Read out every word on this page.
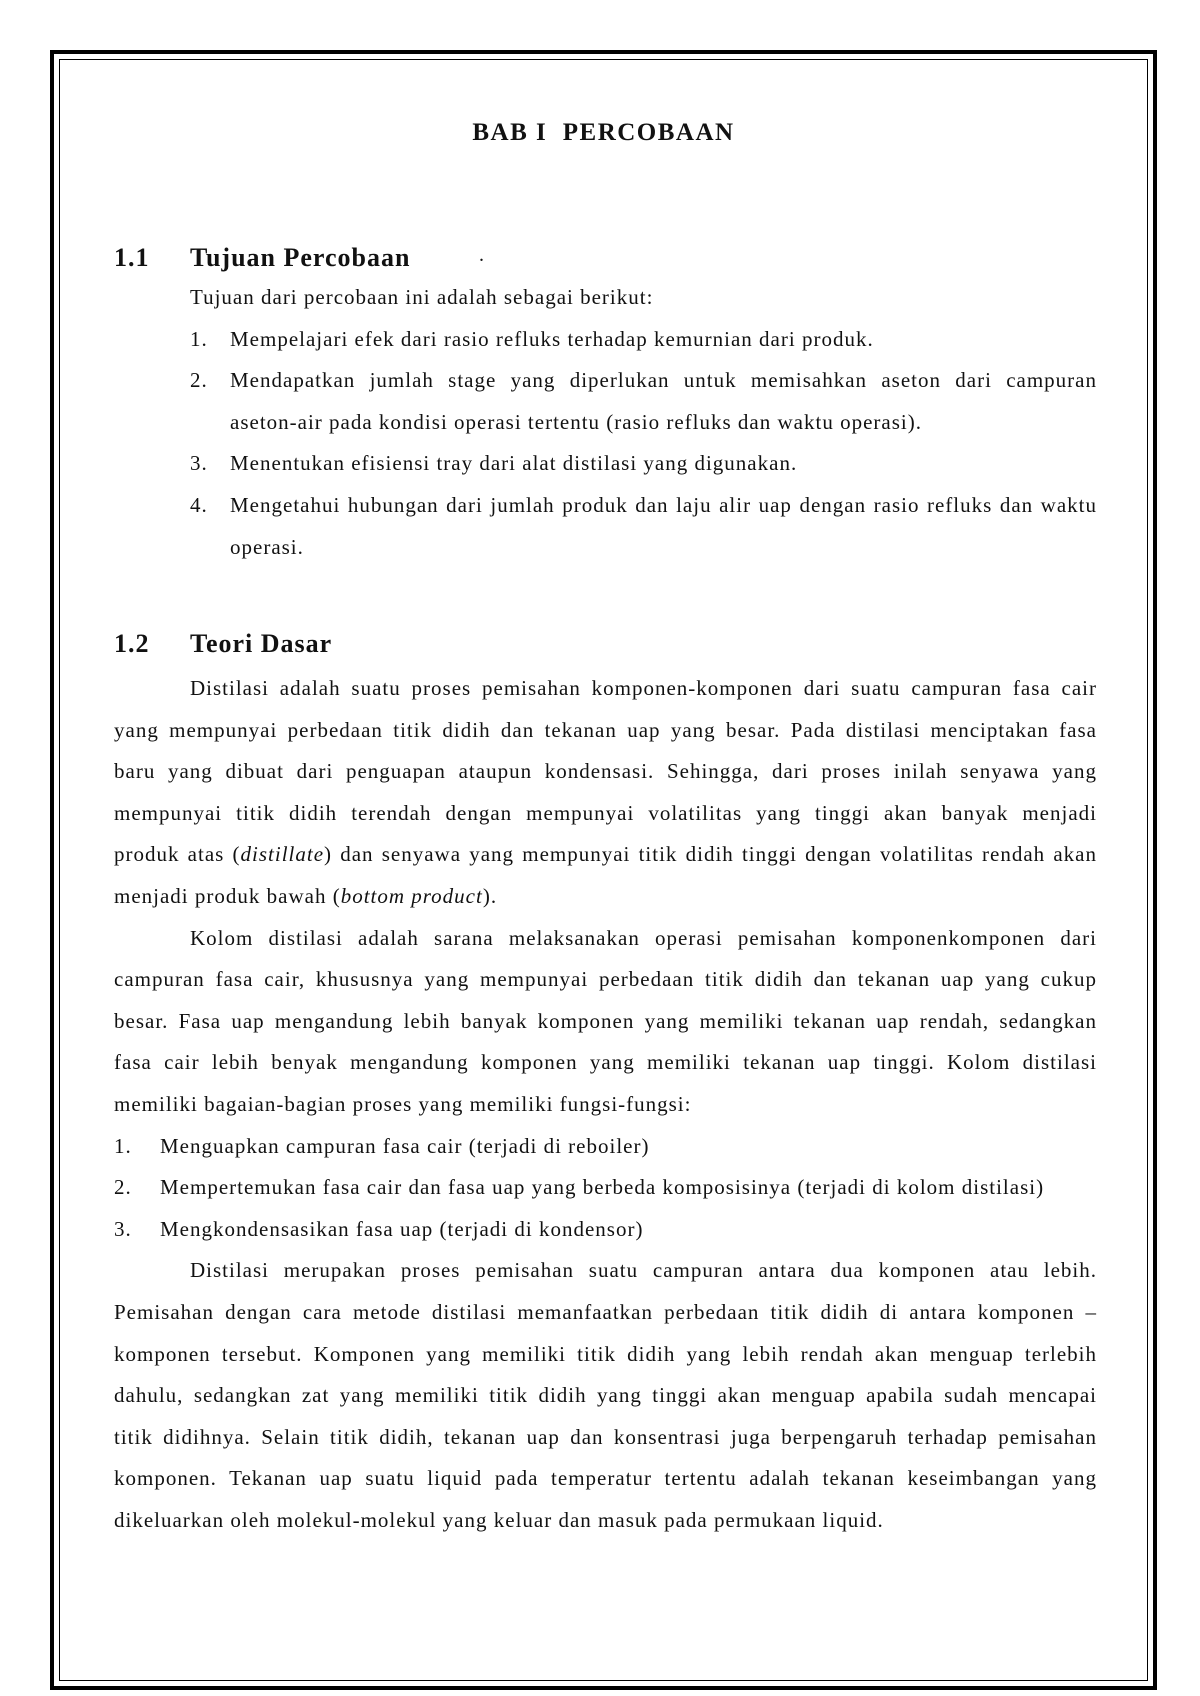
BAB I  PERCOBAAN
1.1 Tujuan Percobaan	.
Tujuan dari percobaan ini adalah sebagai berikut:
1. Mempelajari efek dari rasio refluks terhadap kemurnian dari produk.
2. Mendapatkan jumlah stage yang diperlukan untuk memisahkan aseton dari campuran
aseton-air pada kondisi operasi tertentu (rasio refluks dan waktu operasi).
3. Menentukan efisiensi tray dari alat distilasi yang digunakan.
4. Mengetahui hubungan dari jumlah produk dan laju alir uap dengan rasio refluks dan waktu
operasi.
1.2 Teori Dasar
Distilasi adalah suatu proses pemisahan komponen-komponen dari suatu campuran fasa cair
yang mempunyai perbedaan titik didih dan tekanan uap yang besar. Pada distilasi menciptakan fasa
baru yang dibuat dari penguapan ataupun kondensasi. Sehingga, dari proses inilah senyawa yang
mempunyai titik didih terendah dengan mempunyai volatilitas yang tinggi akan banyak menjadi
produk atas (distillate) dan senyawa yang mempunyai titik didih tinggi dengan volatilitas rendah akan
menjadi produk bawah (bottom product).
Kolom distilasi adalah sarana melaksanakan operasi pemisahan komponenkomponen dari
campuran fasa cair, khususnya yang mempunyai perbedaan titik didih dan tekanan uap yang cukup
besar. Fasa uap mengandung lebih banyak komponen yang memiliki tekanan uap rendah, sedangkan
fasa cair lebih benyak mengandung komponen yang memiliki tekanan uap tinggi. Kolom distilasi
memiliki bagaian-bagian proses yang memiliki fungsi-fungsi:
1. Menguapkan campuran fasa cair (terjadi di reboiler)
2. Mempertemukan fasa cair dan fasa uap yang berbeda komposisinya (terjadi di kolom distilasi)
3. Mengkondensasikan fasa uap (terjadi di kondensor)
Distilasi merupakan proses pemisahan suatu campuran antara dua komponen atau lebih.
Pemisahan dengan cara metode distilasi memanfaatkan perbedaan titik didih di antara komponen –
komponen tersebut. Komponen yang memiliki titik didih yang lebih rendah akan menguap terlebih
dahulu, sedangkan zat yang memiliki titik didih yang tinggi akan menguap apabila sudah mencapai
titik didihnya. Selain titik didih, tekanan uap dan konsentrasi juga berpengaruh terhadap pemisahan
komponen. Tekanan uap suatu liquid pada temperatur tertentu adalah tekanan keseimbangan yang
dikeluarkan oleh molekul-molekul yang keluar dan masuk pada permukaan liquid.
